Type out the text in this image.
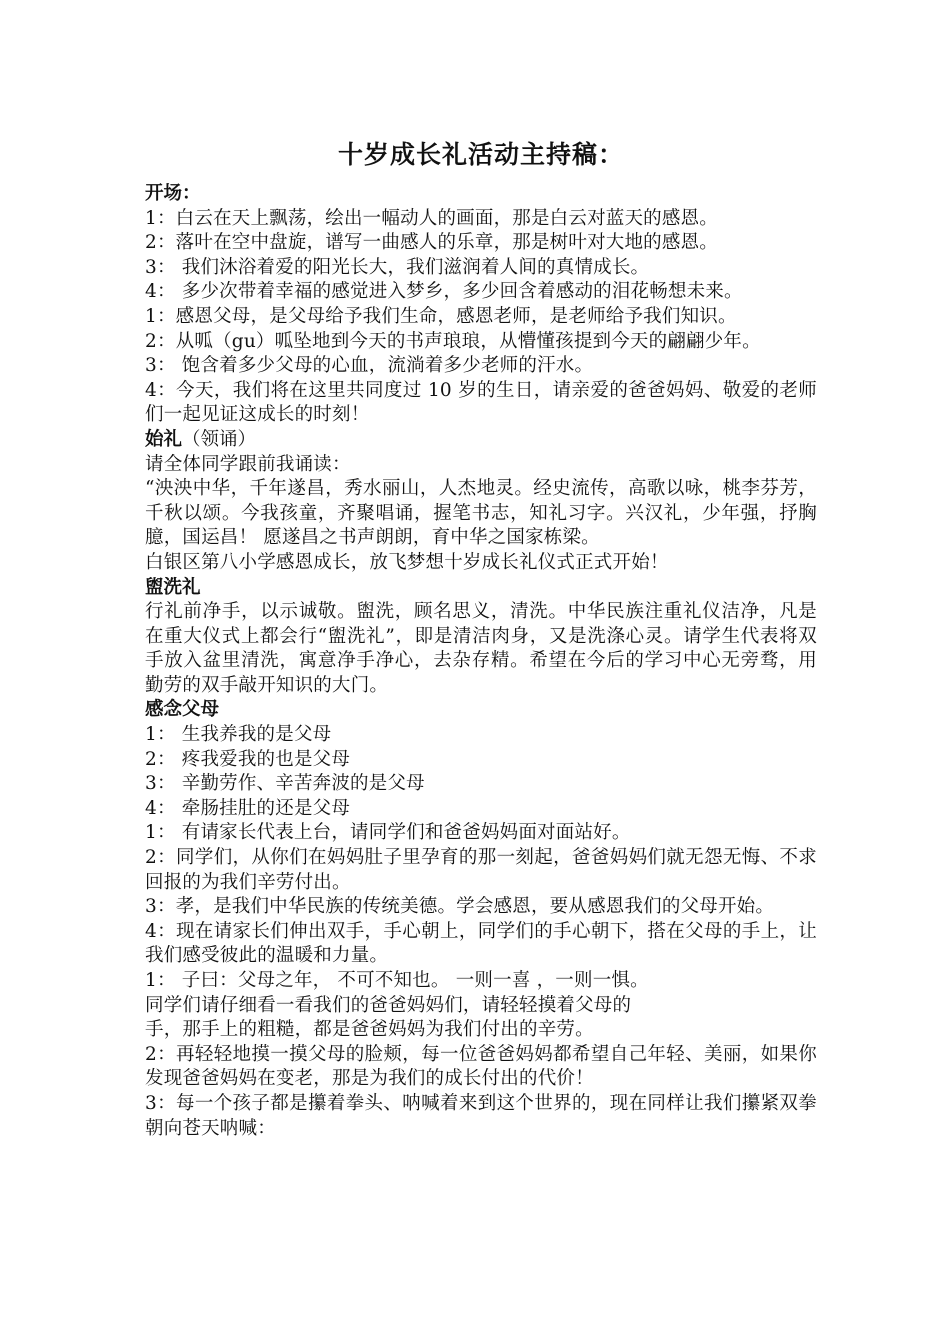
十岁成长礼活动主持稿：
开场：

1：白云在天上飘荡，绘出一幅动人的画面，那是白云对蓝天的感恩。

2：落叶在空中盘旋，谱写一曲感人的乐章，那是树叶对大地的感恩。

3： 我们沐浴着爱的阳光长大，我们滋润着人间的真情成长。

4： 多少次带着幸福的感觉进入梦乡，多少回含着感动的泪花畅想未来。

1：感恩父母，是父母给予我们生命，感恩老师，是老师给予我们知识。

2：从呱（gu）呱坠地到今天的书声琅琅，从懵懂孩提到今天的翩翩少年。

3： 饱含着多少父母的心血，流淌着多少老师的汗水。

4：今天，我们将在这里共同度过 10 岁的生日，请亲爱的爸爸妈妈、敬爱的老师们一起见证这成长的时刻！

始礼（领诵）

请全体同学跟前我诵读：

“泱泱中华，千年遂昌，秀水丽山，人杰地灵。经史流传，高歌以咏，桃李芬芳，千秋以颂。今我孩童，齐聚唱诵，握笔书志，知礼习字。兴汉礼，少年强，抒胸臆，国运昌！ 愿遂昌之书声朗朗，育中华之国家栋梁。

白银区第八小学感恩成长，放飞梦想十岁成长礼仪式正式开始！

盥洗礼

行礼前净手，以示诚敬。盥洗，顾名思义，清洗。中华民族注重礼仪洁净，凡是在重大仪式上都会行“盥洗礼”，即是清洁肉身，又是洗涤心灵。请学生代表将双手放入盆里清洗，寓意净手净心，去杂存精。希望在今后的学习中心无旁骛，用勤劳的双手敲开知识的大门。

感念父母

1： 生我养我的是父母

2： 疼我爱我的也是父母

3： 辛勤劳作、辛苦奔波的是父母

4： 牵肠挂肚的还是父母

1： 有请家长代表上台，请同学们和爸爸妈妈面对面站好。

2：同学们，从你们在妈妈肚子里孕育的那一刻起，爸爸妈妈们就无怨无悔、不求回报的为我们辛劳付出。

3：孝，是我们中华民族的传统美德。学会感恩，要从感恩我们的父母开始。

4：现在请家长们伸出双手，手心朝上，同学们的手心朝下，搭在父母的手上，让我们感受彼此的温暖和力量。

1： 子曰：父母之年， 不可不知也。 一则一喜 ，一则一惧。

同学们请仔细看一看我们的爸爸妈妈们，请轻轻摸着父母的

手，那手上的粗糙，都是爸爸妈妈为我们付出的辛劳。

2：再轻轻地摸一摸父母的脸颊，每一位爸爸妈妈都希望自己年轻、美丽，如果你发现爸爸妈妈在变老，那是为我们的成长付出的代价！

3：每一个孩子都是攥着拳头、呐喊着来到这个世界的，现在同样让我们攥紧双拳朝向苍天呐喊：
